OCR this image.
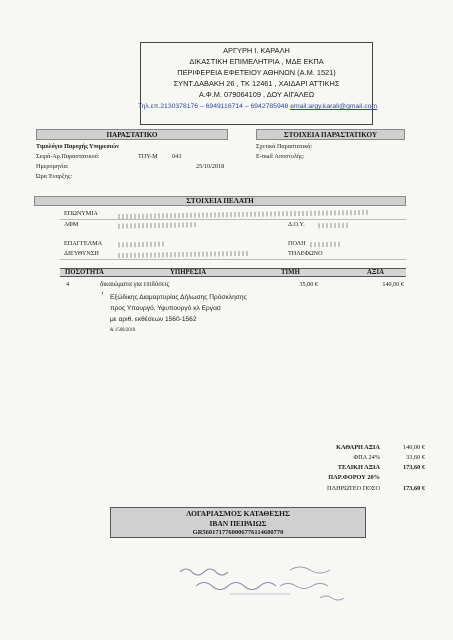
ΑΡΓΥΡΗ Ι. ΚΑΡΑΛΗ
ΔΙΚΑΣΤΙΚΗ ΕΠΙΜΕΛΗΤΡΙΑ , ΜΔΕ ΕΚΠΑ
ΠΕΡΙΦΕΡΕΙΑ ΕΦΕΤΕΙΟΥ ΑΘΗΝΩΝ (Α.Μ. 1521)
ΣΥΝΤ.ΔΑΒΑΚΗ 26 , ΤΚ 12461 , ΧΑΙΔΑΡΙ ΑΤΤΙΚΗΣ
Α.Φ.Μ. 079064109 , ΔΟΥ ΑΙΓΑΛΕΩ
Τηλ.επ.2130378176 – 6949116714 – 6942785948 email:argy.karali@gmail.com
ΠΑΡΑΣΤΑΤΙΚΟ	ΣΤΟΙΧΕΙΑ ΠΑΡΑΣΤΑΤΙΚΟΥ
Τιμολόγιο Παροχής Υπηρεσιών
Σειρά-Αρ.Παραστατικού:	ΤΠΥ-Μ 043
Ημερομηνία:	25/10/2018
Ώρα Έναρξης:
Σχετικά Παραστατικά:
E-mail Αποστολής:
ΣΤΟΙΧΕΙΑ ΠΕΛΑΤΗ
ΕΠΩΝΥΜΙΑ
ΑΦΜ	Δ.Ο.Υ.
ΕΠΑΓΓΕΛΜΑ	ΠΟΛΗ
ΔΙΕΥΘΥΝΣΗ	ΤΗΛΕΦΩΝΟ
ΠΟΣΟΤΗΤΑ	ΥΠΗΡΕΣΙΑ	ΤΙΜΗ	ΑΞΙΑ
4	δικαιώματα για επιδόσεις	35,00 €	140,00 €
ʻ Εξώδικης Διαμαρτυρίας Δήλωσης Πρόσκλησης
προς Υπουργό, Υφυπουργό κλ Εργασ
με αριθ. εκθέσεων 1560-1562
& 1568/2018
ΚΑΘΑΡΗ ΑΞΙΑ	140,00 €
ΦΠΑ 24%	33,60 €
ΤΕΛΙΚΗ ΑΞΙΑ	173,60 €
ΠΑΡ.ΦΟΡΟΥ 20%
ΠΛΗΡΩΤΕΟ ΠΟΣΟ	173,60 €
ΛΟΓΑΡΙΑΣΜΟΣ ΚΑΤΑΘΕΣΗΣ
ΙΒΑΝ ΠΕΙΡΑΙΩΣ
GR5601717760006776114680770
